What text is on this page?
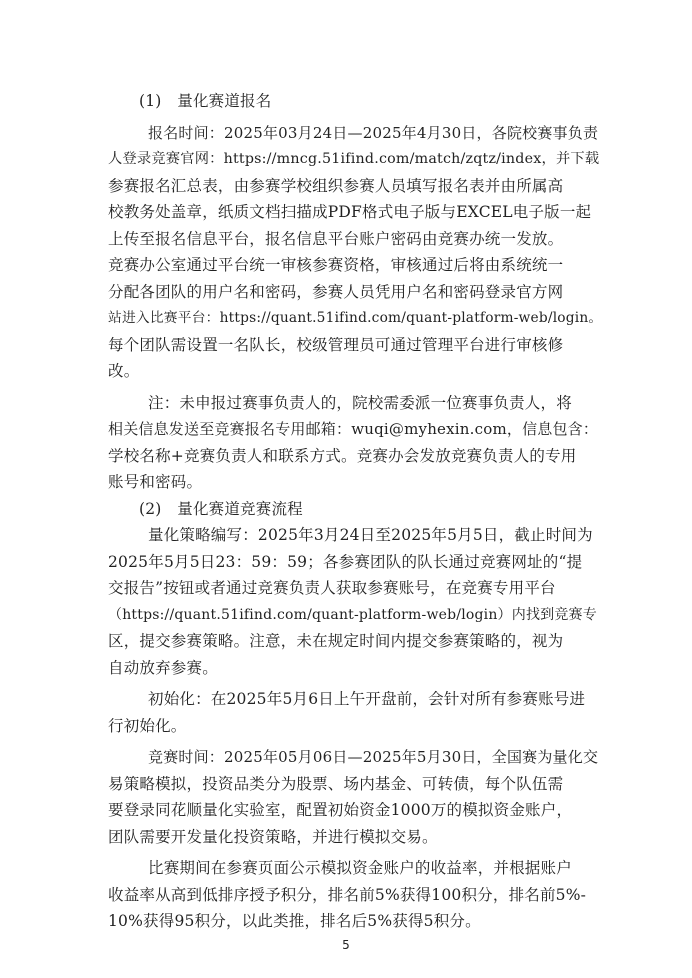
(1)　量化赛道报名
报名时间：2025年03月24日—2025年4月30日，各院校赛事负责
人登录竞赛官网：https://mncg.51ifind.com/match/zqtz/index，并下载
参赛报名汇总表，由参赛学校组织参赛人员填写报名表并由所属高
校教务处盖章，纸质文档扫描成PDF格式电子版与EXCEL电子版一起
上传至报名信息平台，报名信息平台账户密码由竞赛办统一发放。
竞赛办公室通过平台统一审核参赛资格，审核通过后将由系统统一
分配各团队的用户名和密码，参赛人员凭用户名和密码登录官方网
站进入比赛平台：https://quant.51ifind.com/quant-platform-web/login。
每个团队需设置一名队长，校级管理员可通过管理平台进行审核修
改。
注：未申报过赛事负责人的，院校需委派一位赛事负责人，将
相关信息发送至竞赛报名专用邮箱：wuqi@myhexin.com，信息包含：
学校名称+竞赛负责人和联系方式。竞赛办会发放竞赛负责人的专用
账号和密码。
(2)　量化赛道竞赛流程
量化策略编写：2025年3月24日至2025年5月5日，截止时间为
2025年5月5日23：59：59；各参赛团队的队长通过竞赛网址的“提
交报告”按钮或者通过竞赛负责人获取参赛账号，在竞赛专用平台
（https://quant.51ifind.com/quant-platform-web/login）内找到竞赛专
区，提交参赛策略。注意，未在规定时间内提交参赛策略的，视为
自动放弃参赛。
初始化：在2025年5月6日上午开盘前，会针对所有参赛账号进
行初始化。
竞赛时间：2025年05月06日—2025年5月30日，全国赛为量化交
易策略模拟，投资品类分为股票、场内基金、可转债，每个队伍需
要登录同花顺量化实验室，配置初始资金1000万的模拟资金账户，
团队需要开发量化投资策略，并进行模拟交易。
比赛期间在参赛页面公示模拟资金账户的收益率，并根据账户
收益率从高到低排序授予积分，排名前5%获得100积分，排名前5%-
10%获得95积分，以此类推，排名后5%获得5积分。
5
